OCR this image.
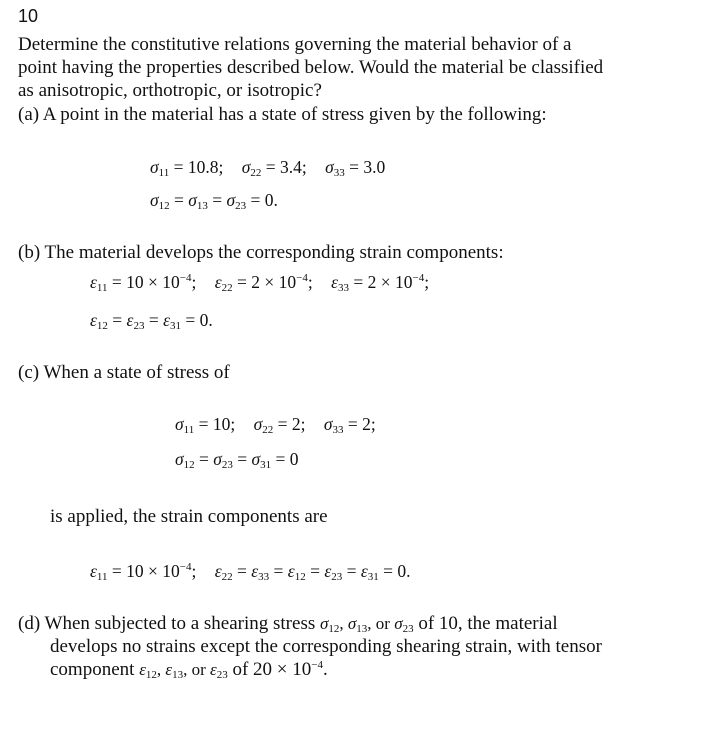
10
Determine the constitutive relations governing the material behavior of a
point having the properties described below. Would the material be classified
as anisotropic, orthotropic, or isotropic?
(a) A point in the material has a state of stress given by the following:
$\sigma_{11} = 10.8$; $\sigma_{22} = 3.4$; $\sigma_{33} = 3.0$
$\sigma_{12} = \sigma_{13} = \sigma_{23} = 0$.
(b) The material develops the corresponding strain components:
$\varepsilon_{11} = 10 \times 10^{-4}$; $\varepsilon_{22} = 2 \times 10^{-4}$; $\varepsilon_{33} = 2 \times 10^{-4}$;
$\varepsilon_{12} = \varepsilon_{23} = \varepsilon_{31} = 0$.
(c) When a state of stress of
$\sigma_{11} = 10$; $\sigma_{22} = 2$; $\sigma_{33} = 2$;
$\sigma_{12} = \sigma_{23} = \sigma_{31} = 0$
is applied, the strain components are
$\varepsilon_{11} = 10 \times 10^{-4}$; $\varepsilon_{22} = \varepsilon_{33} = \varepsilon_{12} = \varepsilon_{23} = \varepsilon_{31} = 0$.
(d) When subjected to a shearing stress $\sigma_{12}$, $\sigma_{13}$, or $\sigma_{23}$ of 10, the material
develops no strains except the corresponding shearing strain, with tensor
component $\varepsilon_{12}$, $\varepsilon_{13}$, or $\varepsilon_{23}$ of $20 \times 10^{-4}$.
